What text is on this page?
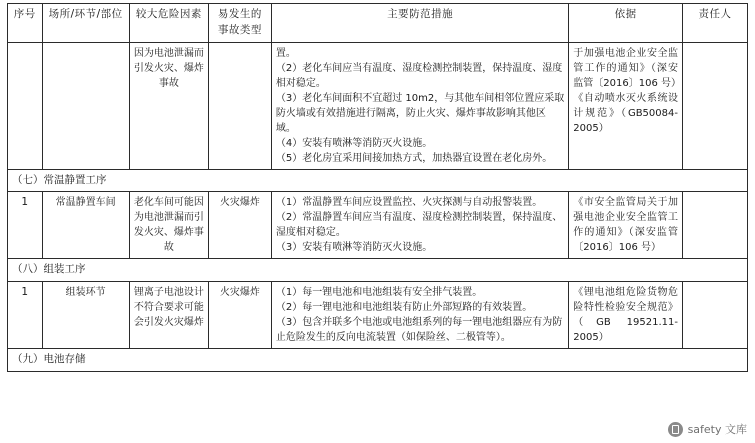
序号	场所/环节/部位	较大危险因素	易发生的事故类型	主要防范措施	依据	责任人
		因为电池泄漏而引发火灾、爆炸事故		置。
（2）老化车间应当有温度、湿度检测控制装置，保持温度、湿度相对稳定。
（3）老化车间面积不宜超过 10m2，与其他车间相邻位置应采取防火墙或有效措施进行隔离，防止火灾、爆炸事故影响其他区域。
（4）安装有喷淋等消防灭火设施。
（5）老化房宜采用间接加热方式，加热器宜设置在老化房外。	于加强电池企业安全监管工作的通知》（深安监管〔2016〕106 号）
《自动喷水灭火系统设计规范》（GB50084-2005）	

（七）常温静置工序						
1	常温静置车间	老化车间可能因为电池泄漏而引发火灾、爆炸事故	火灾爆炸	（1）常温静置车间应设置监控、火灾探测与自动报警装置。
（2）常温静置车间应当有温度、湿度检测控制装置，保持温度、湿度相对稳定。
（3）安装有喷淋等消防灭火设施。	《市安全监管局关于加强电池企业安全监管工作的通知》（深安监管〔2016〕106 号）	

（八）组装工序						
1	组装环节	锂离子电池设计不符合要求可能会引发火灾爆炸	火灾爆炸	（1）每一锂电池和电池组装有安全排气装置。
（2）每一锂电池和电池组装有防止外部短路的有效装置。
（3）包含并联多个电池或电池组系列的每一锂电池组器应有为防止危险发生的反向电流装置（如保险丝、二极管等）。	《锂电池组危险货物危险特性检验安全规范》（GB 19521.11-2005）	

（九）电池存储						
safety 文库
